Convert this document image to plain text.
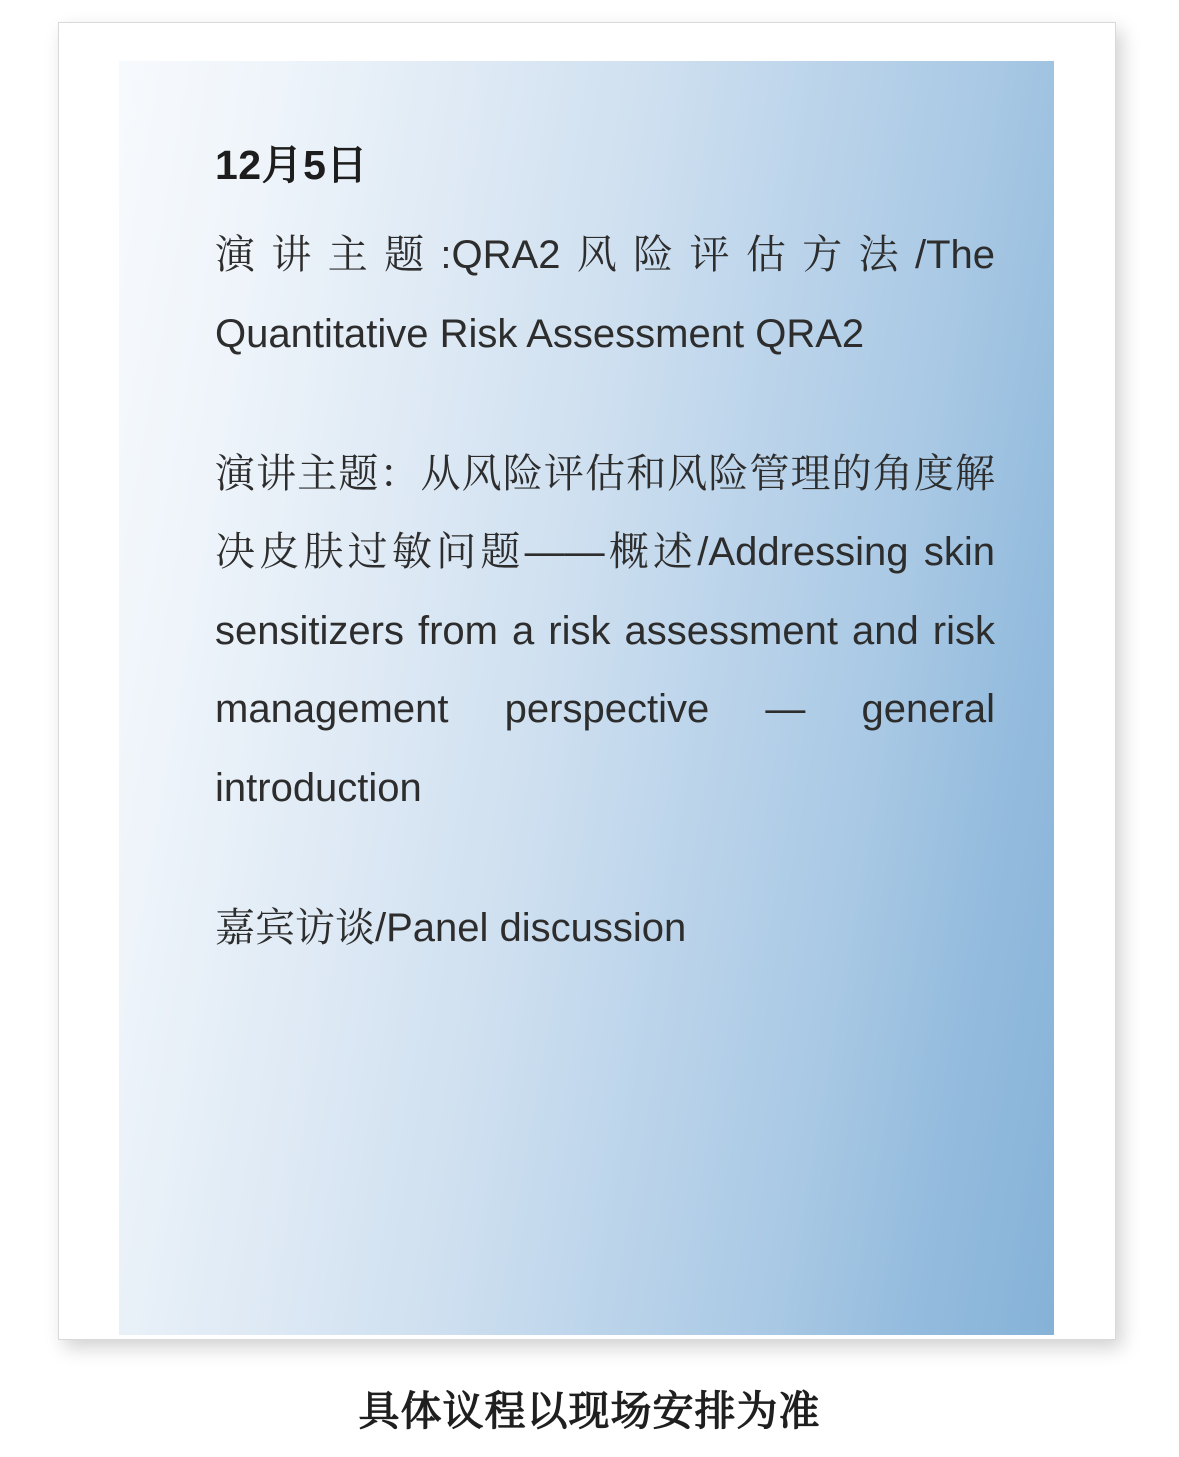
12月5日
演讲主题:QRA2风险评估方法/The Quantitative Risk Assessment QRA2
演讲主题：从风险评估和风险管理的角度解决皮肤过敏问题——概述/Addressing skin sensitizers from a risk assessment and risk management perspective — general introduction
嘉宾访谈/Panel discussion
具体议程以现场安排为准
